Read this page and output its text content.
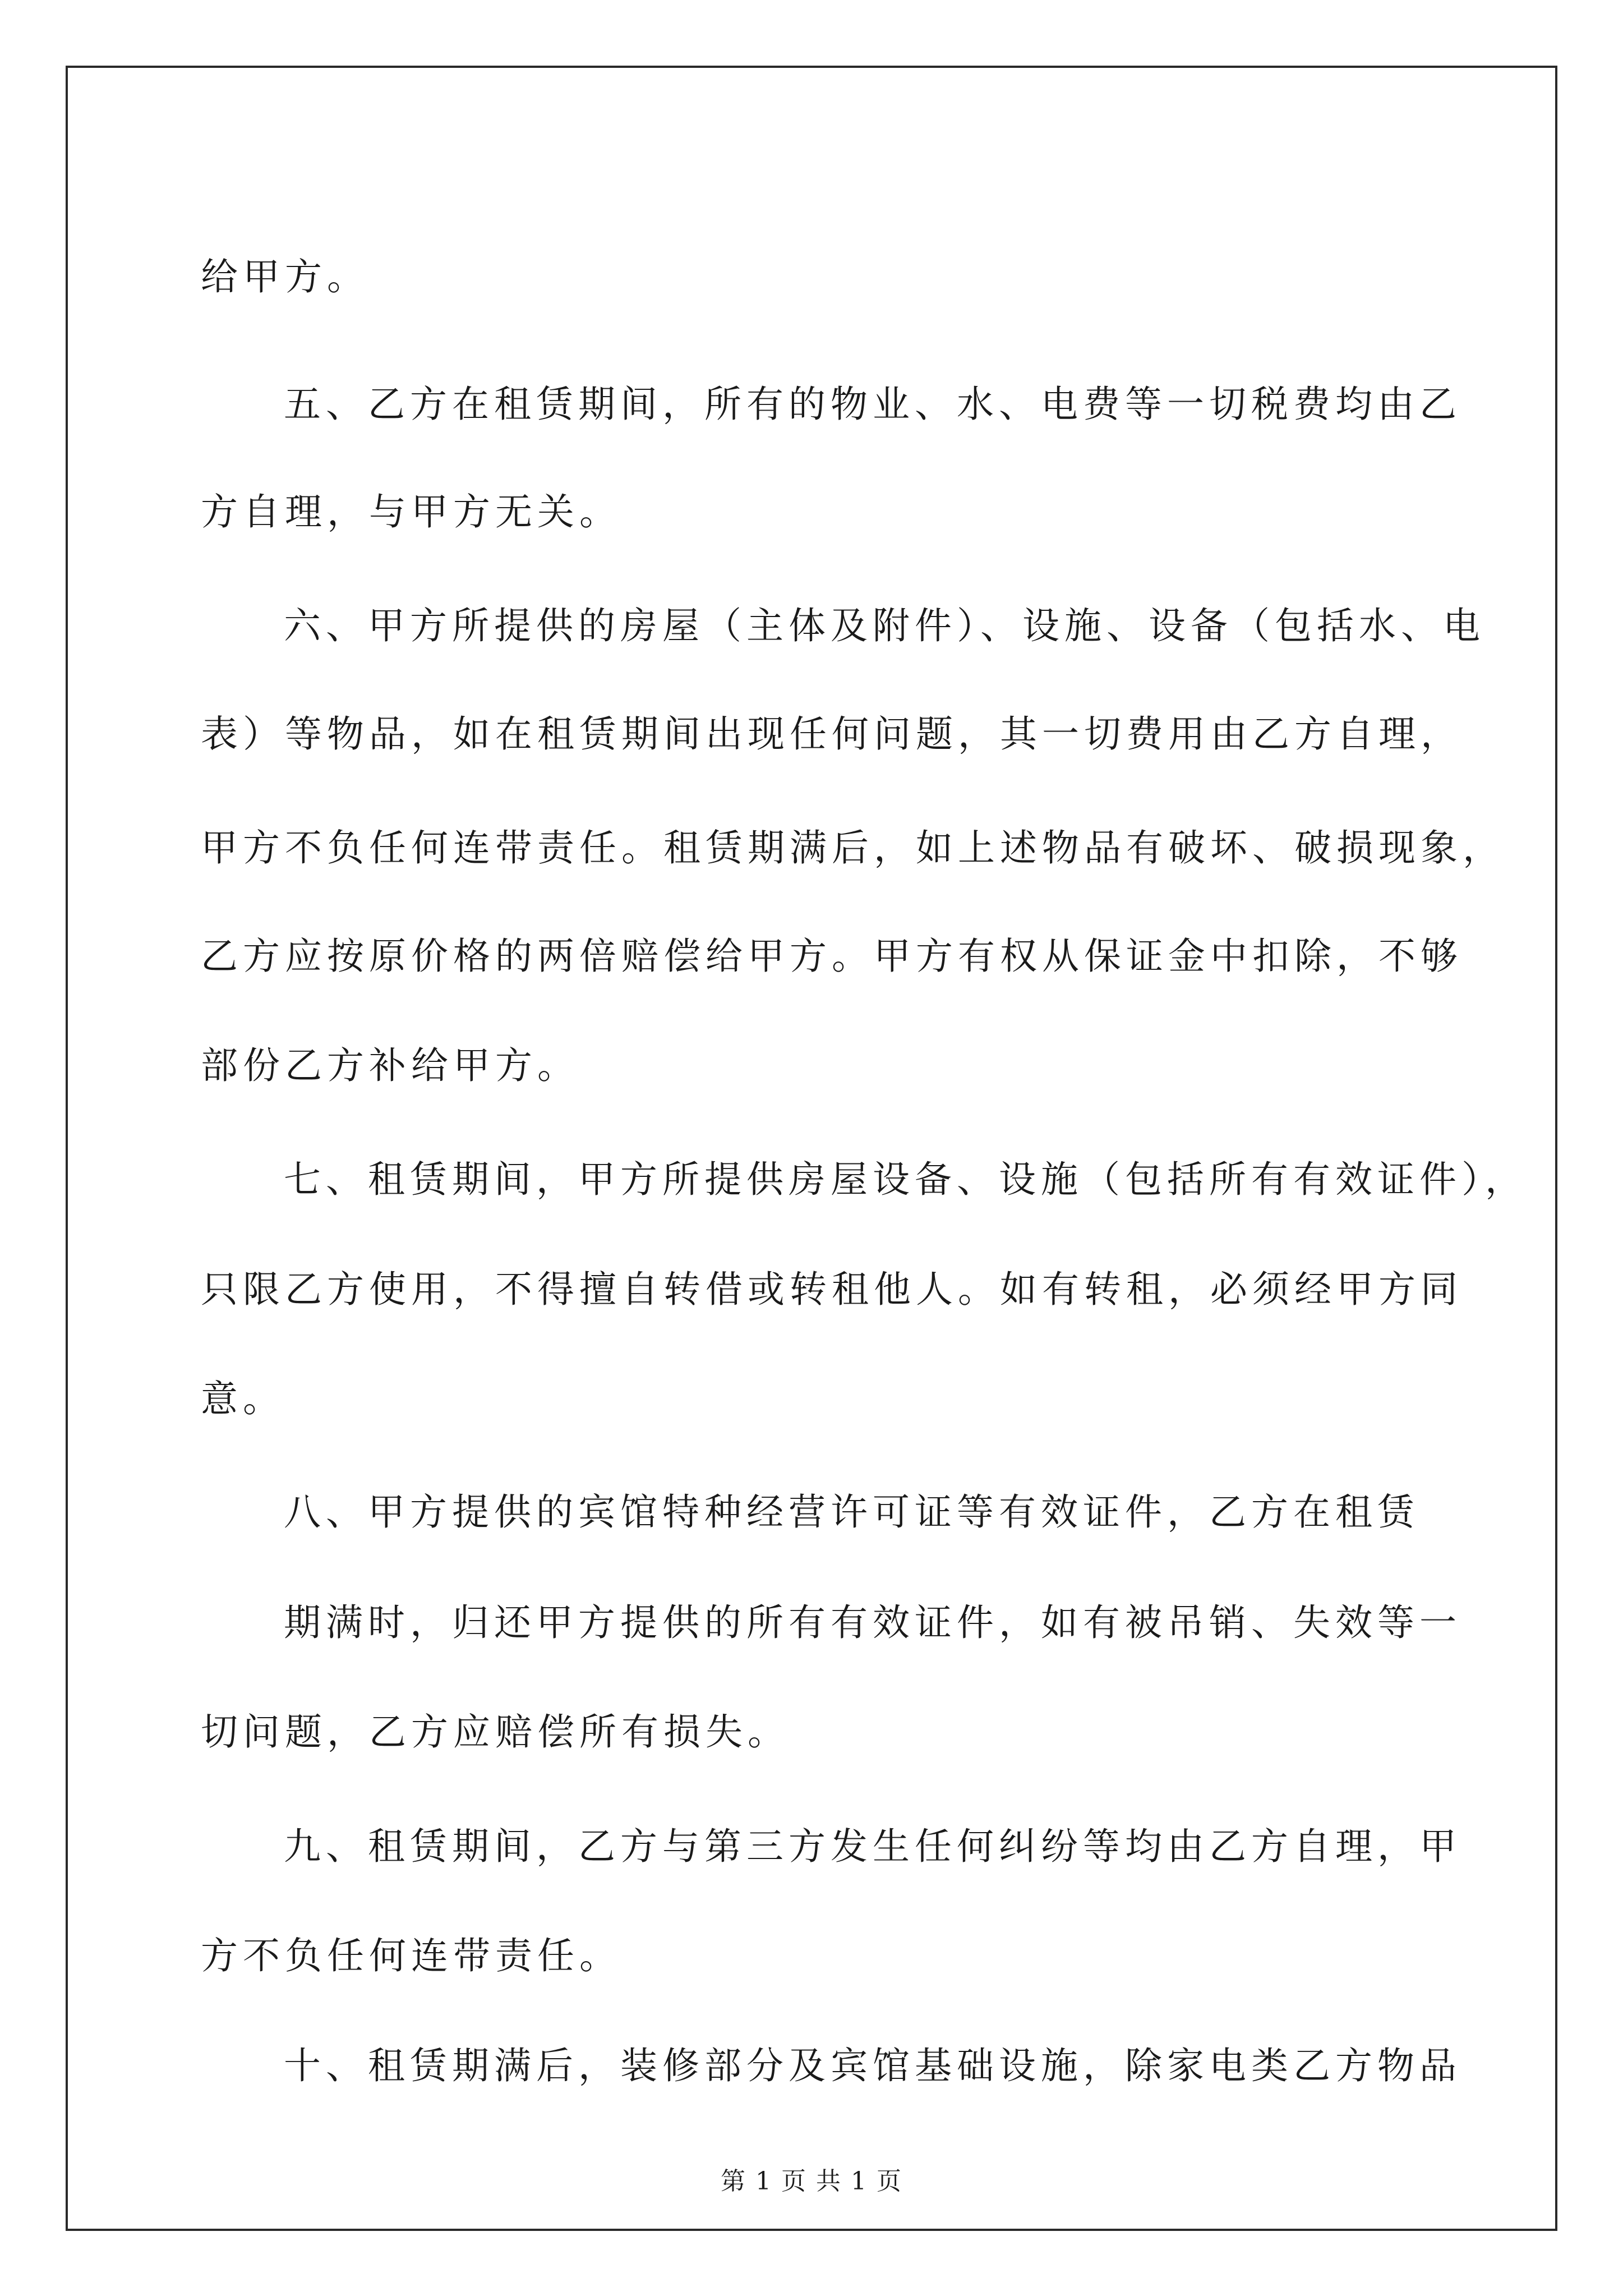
给甲方。
五、乙方在租赁期间，所有的物业、水、电费等一切税费均由乙
方自理，与甲方无关。
六、甲方所提供的房屋（主体及附件）、设施、设备（包括水、电
表）等物品，如在租赁期间出现任何问题，其一切费用由乙方自理，
甲方不负任何连带责任。租赁期满后，如上述物品有破坏、破损现象，
乙方应按原价格的两倍赔偿给甲方。甲方有权从保证金中扣除，不够
部份乙方补给甲方。
七、租赁期间，甲方所提供房屋设备、设施（包括所有有效证件），
只限乙方使用，不得擅自转借或转租他人。如有转租，必须经甲方同
意。
八、甲方提供的宾馆特种经营许可证等有效证件，乙方在租赁
期满时，归还甲方提供的所有有效证件，如有被吊销、失效等一
切问题，乙方应赔偿所有损失。
九、租赁期间，乙方与第三方发生任何纠纷等均由乙方自理，甲
方不负任何连带责任。
十、租赁期满后，装修部分及宾馆基础设施，除家电类乙方物品
第 1 页 共 1 页
